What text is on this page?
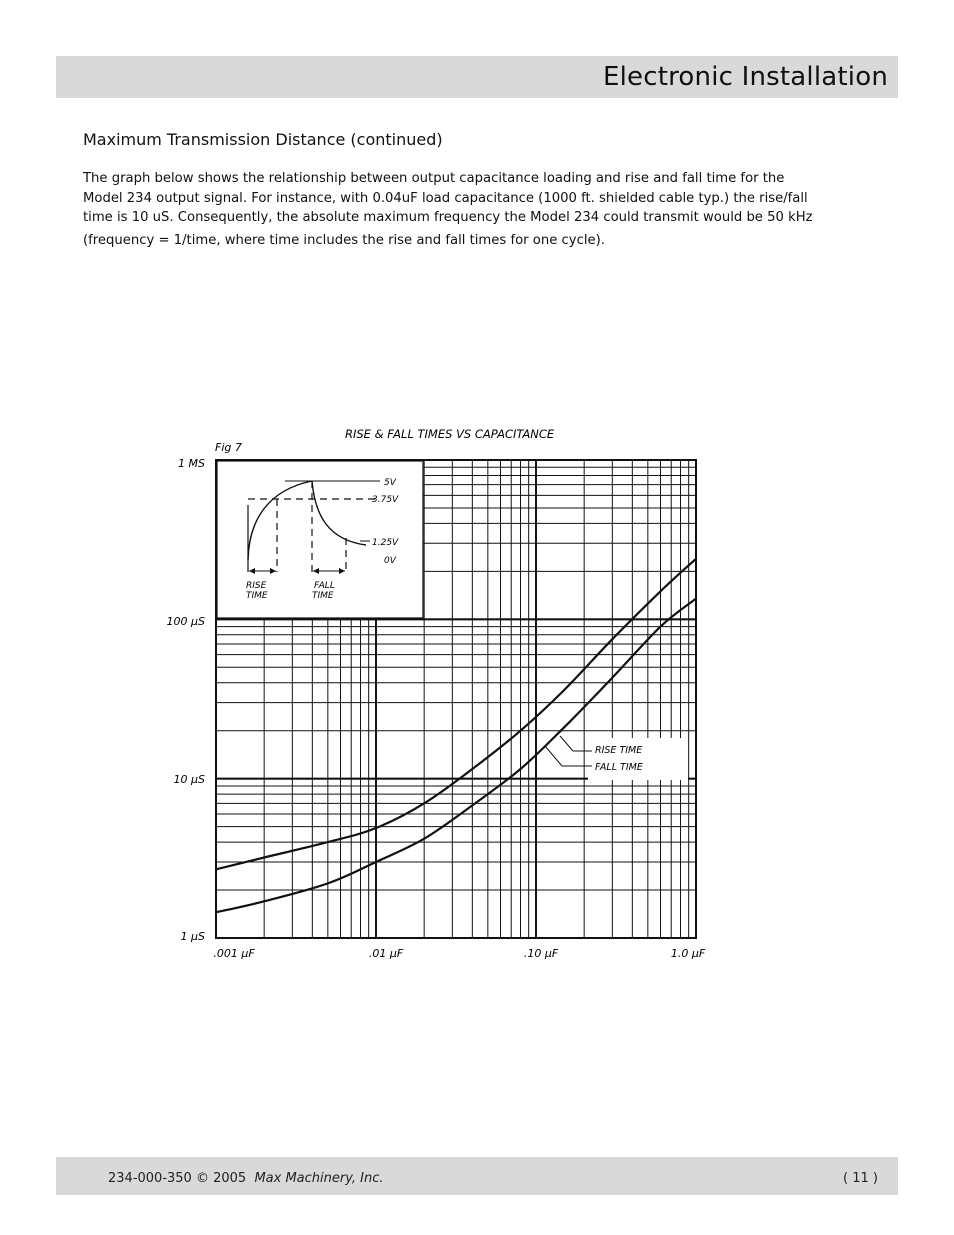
Electronic Installation
Maximum Transmission Distance (continued)

The graph below shows the relationship between output capacitance loading and rise and fall time for the

Model 234 output signal. For instance, with 0.04uF load capacitance (1000 ft. shielded cable typ.) the rise/fall

time is 10 uS. Consequently, the absolute maximum frequency the Model 234 could transmit would be 50 kHz

(frequency = 1/time, where time includes the rise and fall times for one cycle).

RISE & FALL TIMES VS CAPACITANCE
Fig 7
1 MS
100 µS
10 µS
1 µS
.001 µF	.01 µF	.10 µF	1.0 µF
5V
3.75V
1.25V
0V
RISE
TIME
FALL
TIME
RISE TIME
FALL TIME
234-000-350 © 2005 Max Machinery, Inc.	( 11 )
